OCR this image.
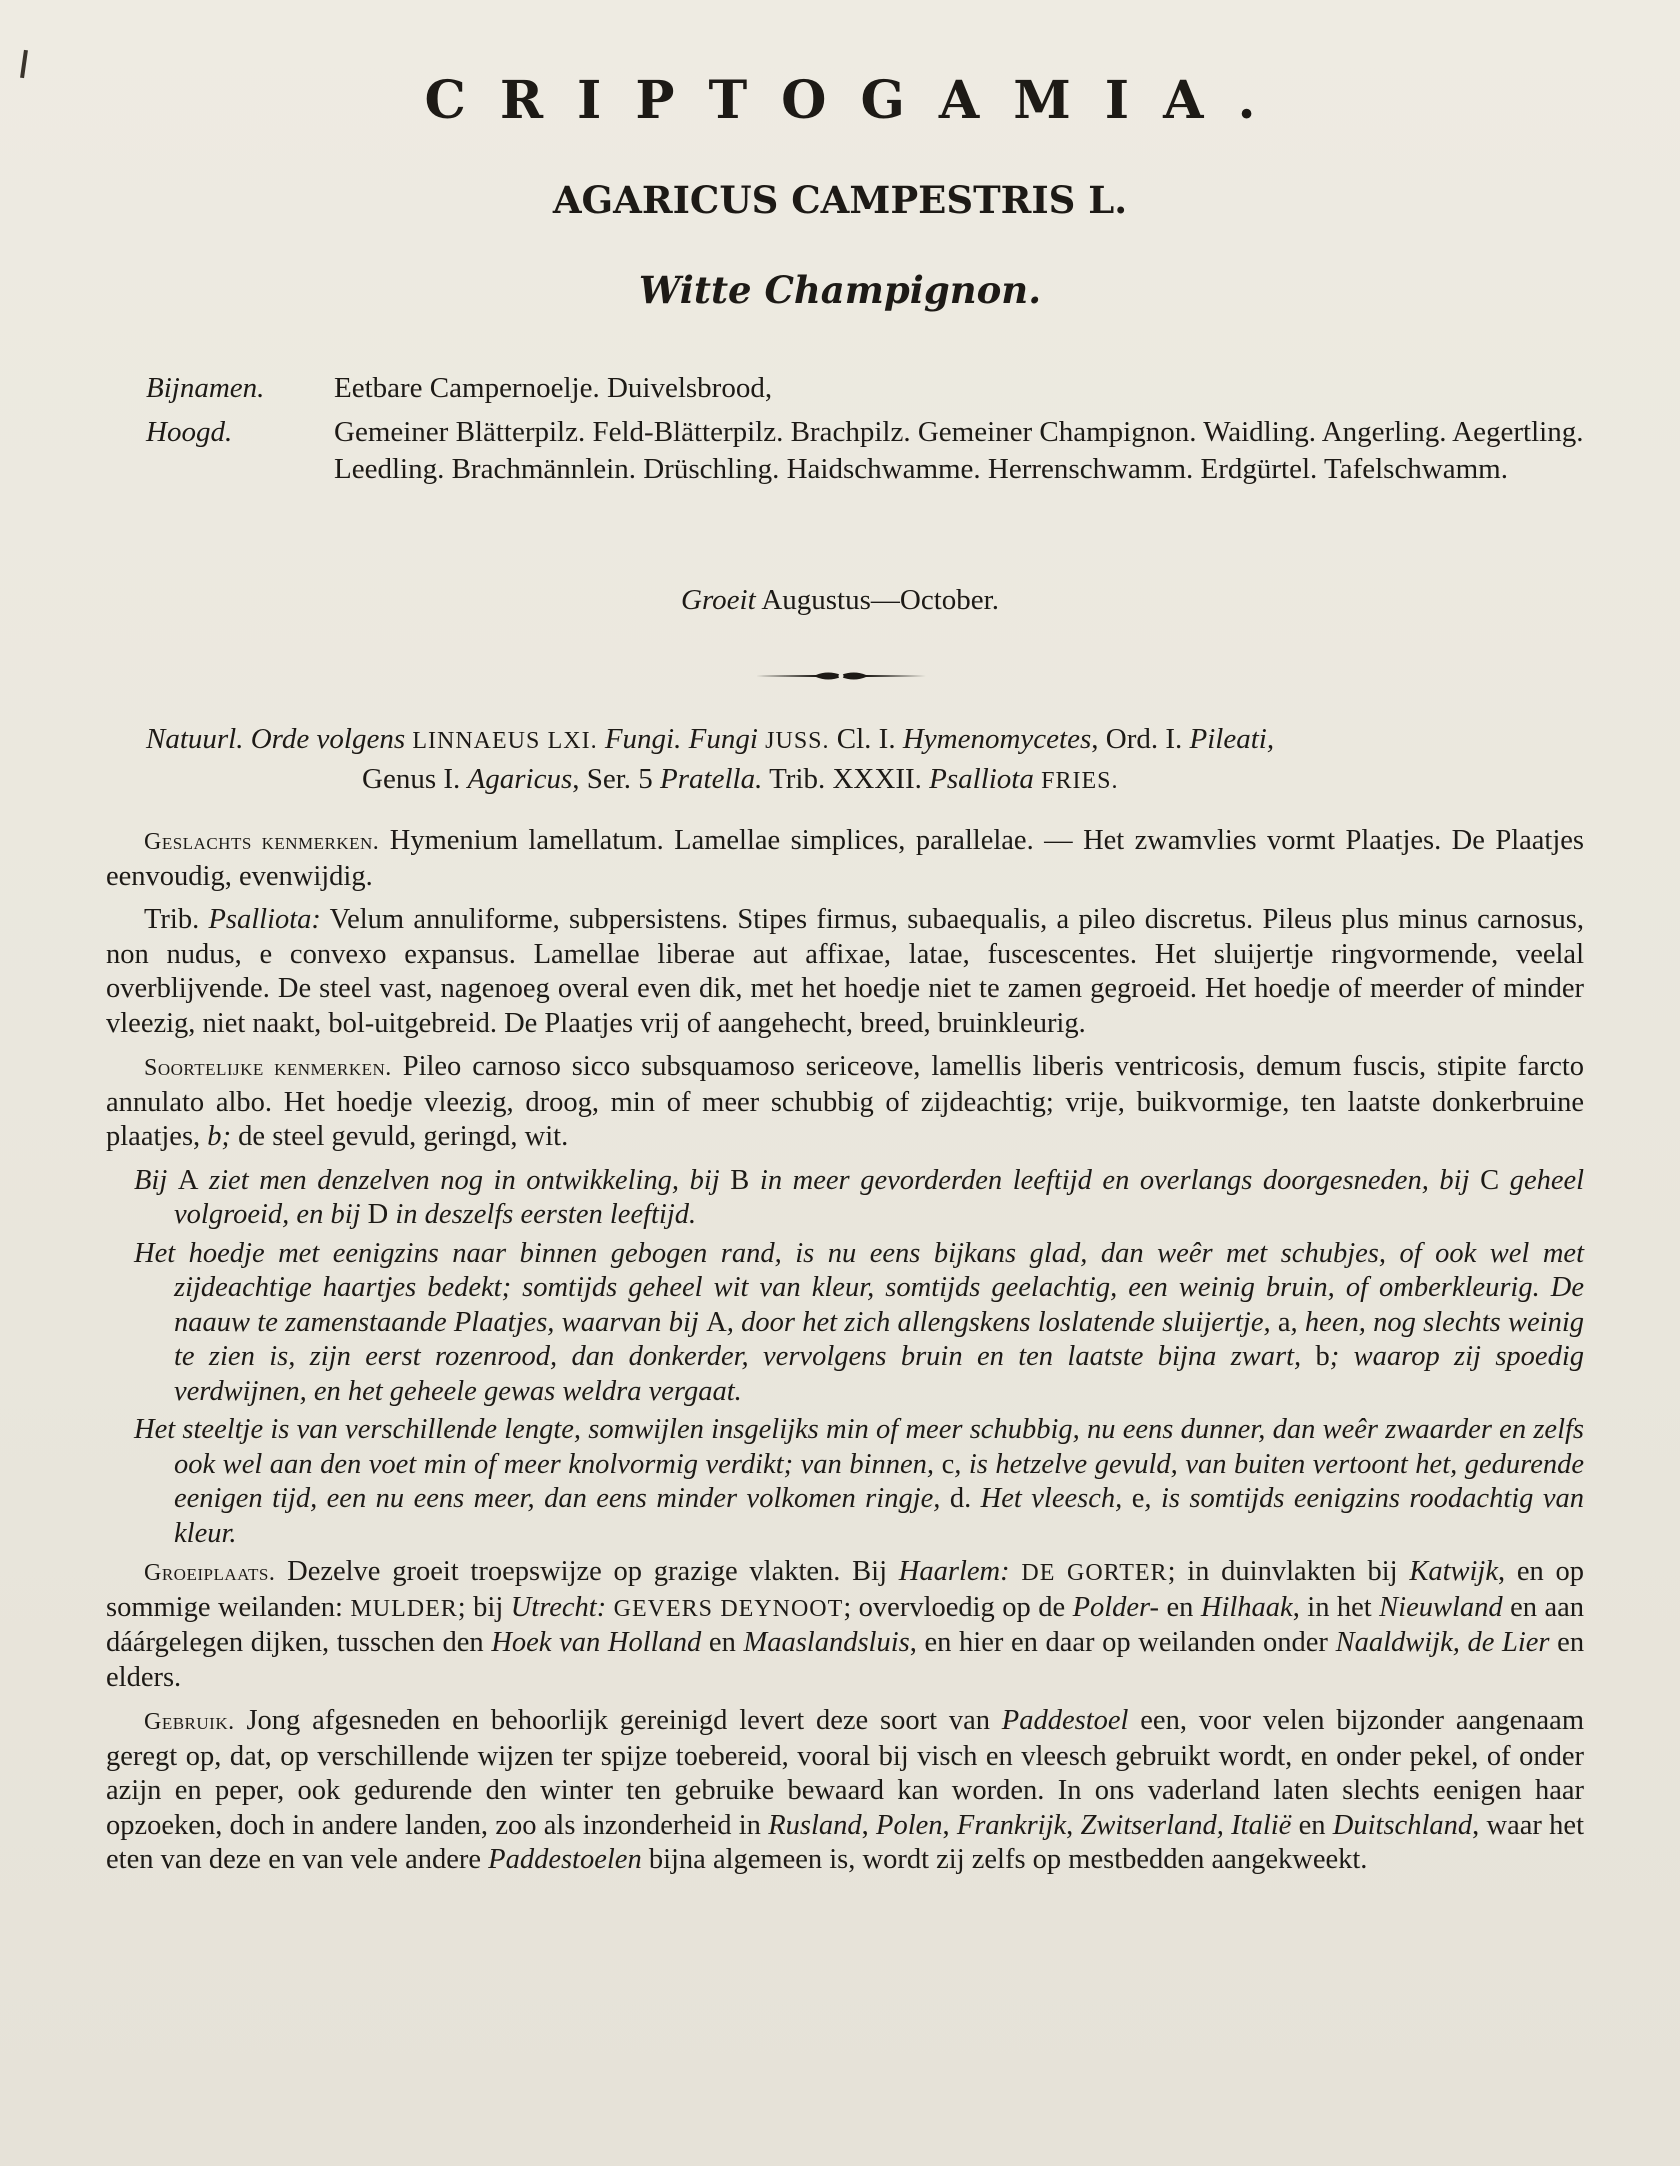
CRIPTOGAMIA.
AGARICUS CAMPESTRIS L.
Witte Champignon.
Bijnamen. Eetbare Campernoelje. Duivelsbrood,
Hoogd.	Gemeiner Blätterpilz. Feld-Blätterpilz. Brachpilz. Gemeiner Champignon. Waidling. Angerling. Aegertling. Leedling. Brachmännlein. Drüschling. Haidschwamme. Herrenschwamm. Erdgürtel. Tafelschwamm.
Groeit Augustus—October.
Natuurl. Orde volgens LINNAEUS LXI. Fungi. Fungi JUSS. Cl. I. Hymenomycetes, Ord. I. Pileati,
Genus I. Agaricus, Ser. 5 Pratella. Trib. XXXII. Psalliota FRIES.

Geslachts kenmerken. Hymenium lamellatum. Lamellae simplices, parallelae. — Het zwamvlies vormt Plaatjes. De Plaatjes eenvoudig, evenwijdig.

Trib. Psalliota: Velum annuliforme, subpersistens. Stipes firmus, subaequalis, a pileo discretus. Pileus plus minus carnosus, non nudus, e convexo expansus. Lamellae liberae aut affixae, latae, fuscescentes. Het sluijertje ringvormende, veelal overblijvende. De steel vast, nagenoeg overal even dik, met het hoedje niet te zamen gegroeid. Het hoedje of meerder of minder vleezig, niet naakt, bol-uitgebreid. De Plaatjes vrij of aangehecht, breed, bruinkleurig.

Soortelijke kenmerken. Pileo carnoso sicco subsquamoso sericeove, lamellis liberis ventricosis, demum fuscis, stipite farcto annulato albo. Het hoedje vleezig, droog, min of meer schubbig of zijdeachtig; vrije, buikvormige, ten laatste donkerbruine plaatjes, b; de steel gevuld, geringd, wit.

Bij A ziet men denzelven nog in ontwikkeling, bij B in meer gevorderden leeftijd en overlangs doorgesneden, bij C geheel volgroeid, en bij D in deszelfs eersten leeftijd.

Het hoedje met eenigzins naar binnen gebogen rand, is nu eens bijkans glad, dan weêr met schubjes, of ook wel met zijdeachtige haartjes bedekt; somtijds geheel wit van kleur, somtijds geelachtig, een weinig bruin, of omberkleurig. De naauw te zamenstaande Plaatjes, waarvan bij A, door het zich allengskens loslatende sluijertje, a, heen, nog slechts weinig te zien is, zijn eerst rozenrood, dan donkerder, vervolgens bruin en ten laatste bijna zwart, b; waarop zij spoedig verdwijnen, en het geheele gewas weldra vergaat.

Het steeltje is van verschillende lengte, somwijlen insgelijks min of meer schubbig, nu eens dunner, dan weêr zwaarder en zelfs ook wel aan den voet min of meer knolvormig verdikt; van binnen, c, is hetzelve gevuld, van buiten vertoont het, gedurende eenigen tijd, een nu eens meer, dan eens minder volkomen ringje, d. Het vleesch, e, is somtijds eenigzins roodachtig van kleur.

Groeiplaats. Dezelve groeit troepswijze op grazige vlakten. Bij Haarlem: DE GORTER; in duinvlakten bij Katwijk, en op sommige weilanden: MULDER; bij Utrecht: GEVERS DEYNOOT; overvloedig op de Polder- en Hilhaak, in het Nieuwland en aan dáárgelegen dijken, tusschen den Hoek van Holland en Maaslandsluis, en hier en daar op weilanden onder Naaldwijk, de Lier en elders.

Gebruik. Jong afgesneden en behoorlijk gereinigd levert deze soort van Paddestoel een, voor velen bijzonder aangenaam geregt op, dat, op verschillende wijzen ter spijze toebereid, vooral bij visch en vleesch gebruikt wordt, en onder pekel, of onder azijn en peper, ook gedurende den winter ten gebruike bewaard kan worden. In ons vaderland laten slechts eenigen haar opzoeken, doch in andere landen, zoo als inzonderheid in Rusland, Polen, Frankrijk, Zwitserland, Italië en Duitschland, waar het eten van deze en van vele andere Paddestoelen bijna algemeen is, wordt zij zelfs op mestbedden aangekweekt.
